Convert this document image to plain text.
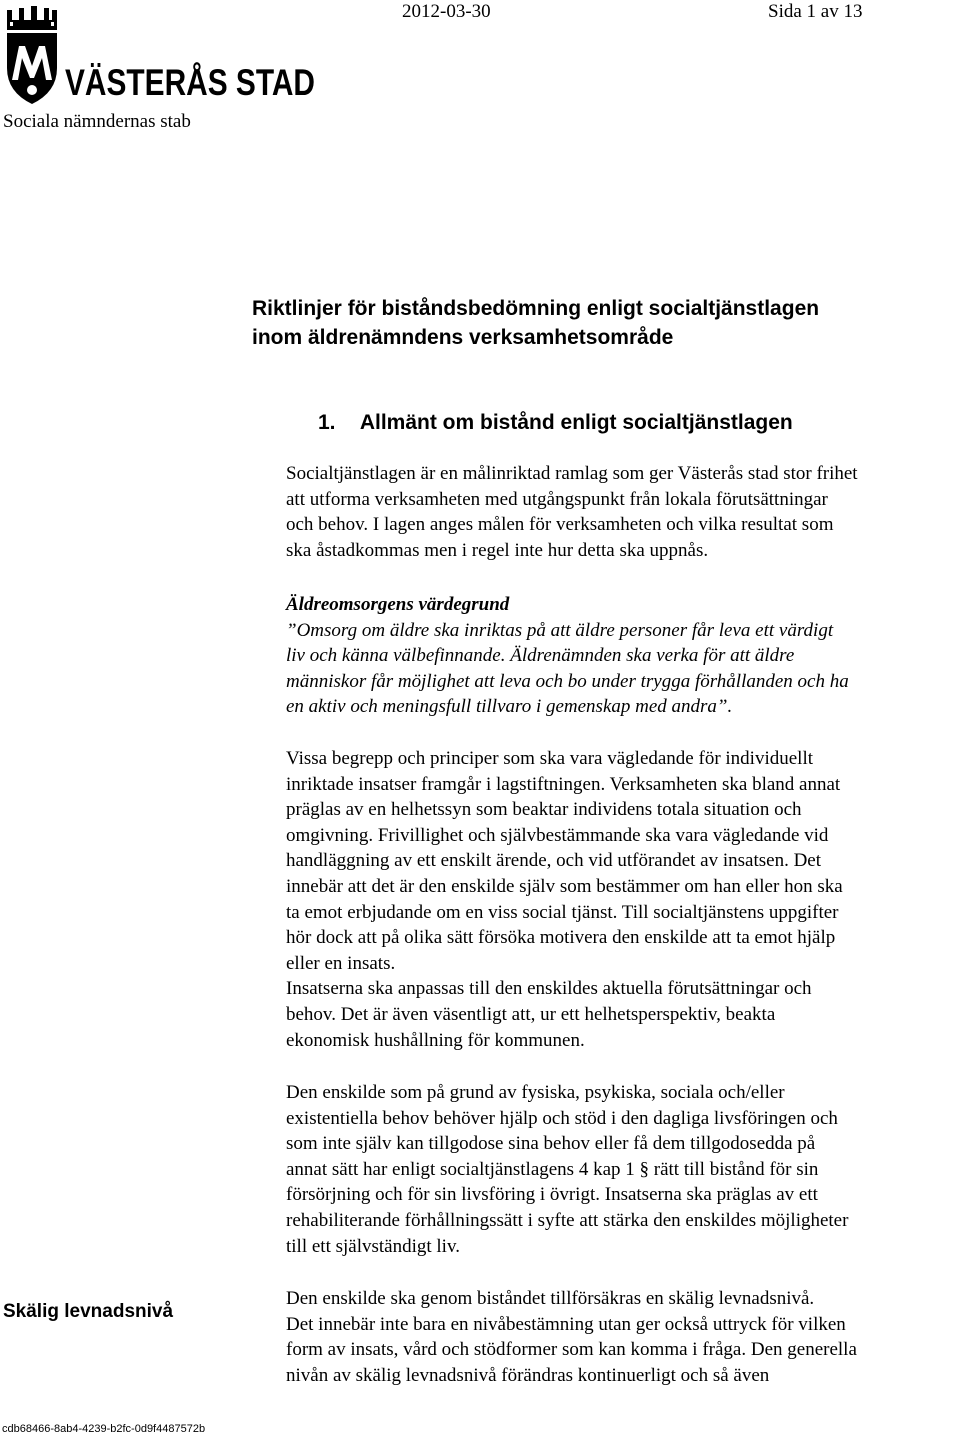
2012-03-30	Sida 1 av 13
VÄSTERÅS STAD
Sociala nämndernas stab
Riktlinjer för biståndsbedömning enligt socialtjänstlagen
inom äldrenämndens verksamhetsområde
1. Allmänt om bistånd enligt socialtjänstlagen
Socialtjänstlagen är en målinriktad ramlag som ger Västerås stad stor frihet
att utforma verksamheten med utgångspunkt från lokala förutsättningar
och behov. I lagen anges målen för verksamheten och vilka resultat som
ska åstadkommas men i regel inte hur detta ska uppnås.
Äldreomsorgens värdegrund
”Omsorg om äldre ska inriktas på att äldre personer får leva ett värdigt
liv och känna välbefinnande. Äldrenämnden ska verka för att äldre
människor får möjlighet att leva och bo under trygga förhållanden och ha
en aktiv och meningsfull tillvaro i gemenskap med andra”.
Vissa begrepp och principer som ska vara vägledande för individuellt
inriktade insatser framgår i lagstiftningen. Verksamheten ska bland annat
präglas av en helhetssyn som beaktar individens totala situation och
omgivning. Frivillighet och självbestämmande ska vara vägledande vid
handläggning av ett enskilt ärende, och vid utförandet av insatsen. Det
innebär att det är den enskilde själv som bestämmer om han eller hon ska
ta emot erbjudande om en viss social tjänst. Till socialtjänstens uppgifter
hör dock att på olika sätt försöka motivera den enskilde att ta emot hjälp
eller en insats.
Insatserna ska anpassas till den enskildes aktuella förutsättningar och
behov. Det är även väsentligt att, ur ett helhetsperspektiv, beakta
ekonomisk hushållning för kommunen.
Den enskilde som på grund av fysiska, psykiska, sociala och/eller
existentiella behov behöver hjälp och stöd i den dagliga livsföringen och
som inte själv kan tillgodose sina behov eller få dem tillgodosedda på
annat sätt har enligt socialtjänstlagens 4 kap 1 § rätt till bistånd för sin
försörjning och för sin livsföring i övrigt. Insatserna ska präglas av ett
rehabiliterande förhållningssätt i syfte att stärka den enskildes möjligheter
till ett självständigt liv.
Skälig levnadsnivå
Den enskilde ska genom biståndet tillförsäkras en skälig levnadsnivå.
Det innebär inte bara en nivåbestämning utan ger också uttryck för vilken
form av insats, vård och stödformer som kan komma i fråga. Den generella
nivån av skälig levnadsnivå förändras kontinuerligt och så även
cdb68466-8ab4-4239-b2fc-0d9f4487572b
